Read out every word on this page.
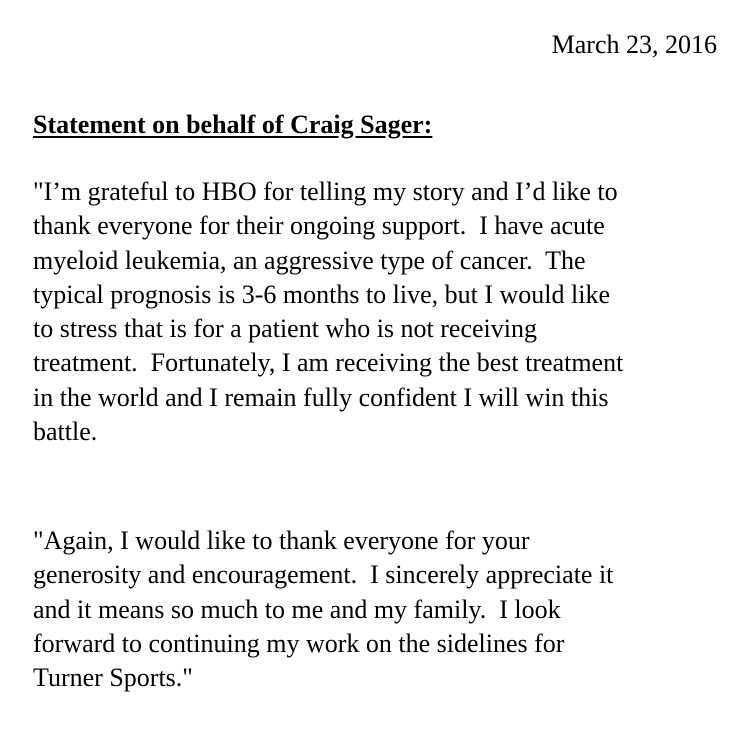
March 23, 2016
Statement on behalf of Craig Sager:

"I’m grateful to HBO for telling my story and I’d like to
thank everyone for their ongoing support.  I have acute
myeloid leukemia, an aggressive type of cancer.  The
typical prognosis is 3-6 months to live, but I would like
to stress that is for a patient who is not receiving
treatment.  Fortunately, I am receiving the best treatment
in the world and I remain fully confident I will win this
battle.

"Again, I would like to thank everyone for your
generosity and encouragement.  I sincerely appreciate it
and it means so much to me and my family.  I look
forward to continuing my work on the sidelines for
Turner Sports."
